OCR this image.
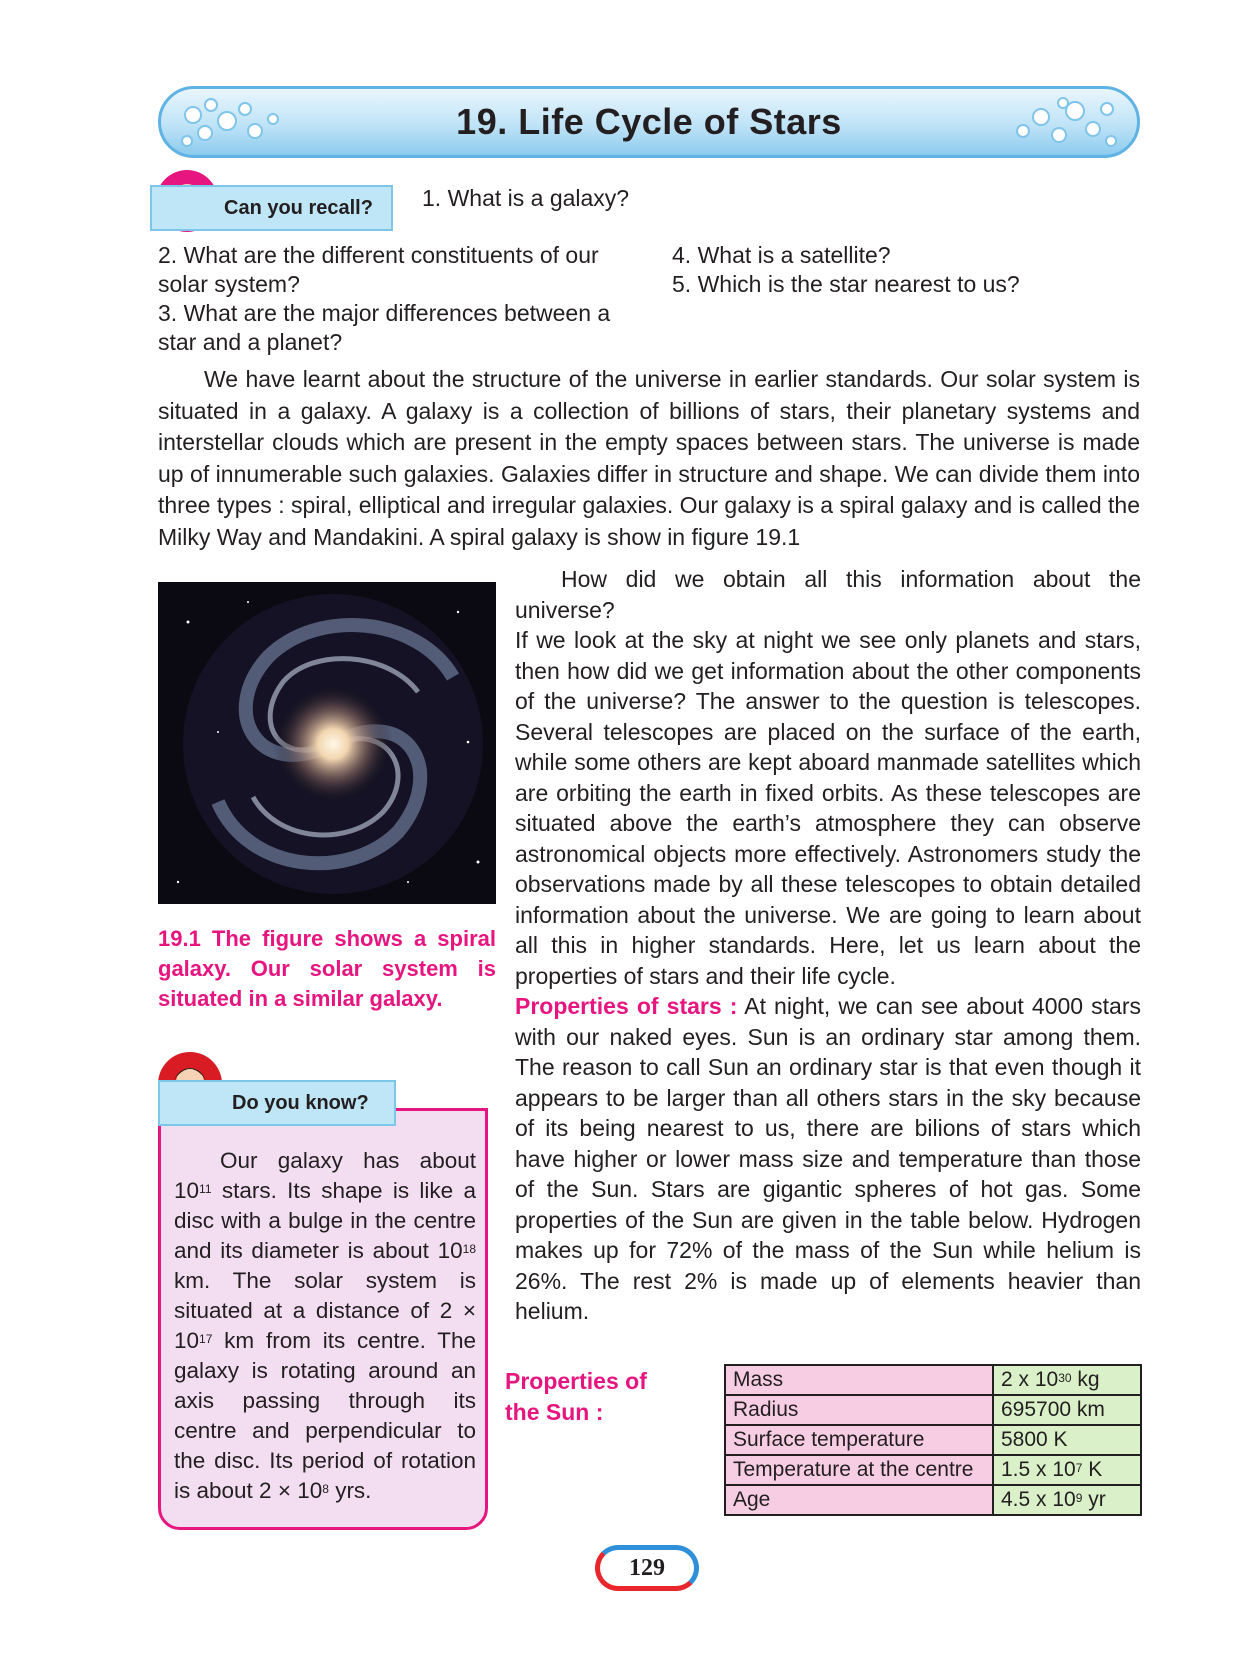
19. Life Cycle of Stars
Can you recall?	1. What is a galaxy?
2. What are the different constituents of our solar system?
3. What are the major differences between a star and a planet?
4. What is a satellite?
5. Which is the star nearest to us?
We have learnt about the structure of the universe in earlier standards. Our solar system is situated in a galaxy. A galaxy is a collection of billions of stars, their planetary systems and interstellar clouds which are present in the empty spaces between stars. The universe is made up of innumerable such galaxies. Galaxies differ in structure and shape. We can divide them into three types : spiral, elliptical and irregular galaxies. Our galaxy is a spiral galaxy and is called the Milky Way and Mandakini. A spiral galaxy is show in figure 19.1
19.1 The figure shows a spiral galaxy. Our solar system is situated in a similar galaxy.
How did we obtain all this information about the universe?
If we look at the sky at night we see only planets and stars, then how did we get information about the other components of the universe? The answer to the question is telescopes. Several telescopes are placed on the surface of the earth, while some others are kept aboard manmade satellites which are orbiting the earth in fixed orbits. As these telescopes are situated above the earth’s atmosphere they can observe astronomical objects more effectively. Astronomers study the observations made by all these telescopes to obtain detailed information about the universe. We are going to learn about all this in higher standards. Here, let us learn about the properties of stars and their life cycle.
Properties of stars : At night, we can see about 4000 stars with our naked eyes. Sun is an ordinary star among them. The reason to call Sun an ordinary star is that even though it appears to be larger than all others stars in the sky because of its being nearest to us, there are bilions of stars which have higher or lower mass size and temperature than those of the Sun. Stars are gigantic spheres of hot gas. Some properties of the Sun are given in the table below. Hydrogen makes up for 72% of the mass of the Sun while helium is 26%. The rest 2% is made up of elements heavier than helium.
Do you know?
Our galaxy has about $10^{11}$ stars. Its shape is like a disc with a bulge in the centre and its diameter is about $10^{18}$ km. The solar system is situated at a distance of $2 \times 10^{17}$ km from its centre. The galaxy is rotating around an axis passing through its centre and perpendicular to the disc. Its period of rotation is about $2 \times 10^8$ yrs.
Properties of the Sun :
Mass	2 x $10^{30}$ kg
Radius	695700 km
Surface temperature	5800 K
Temperature at the centre	1.5 x $10^7$ K
Age	4.5 x $10^9$ yr
129
